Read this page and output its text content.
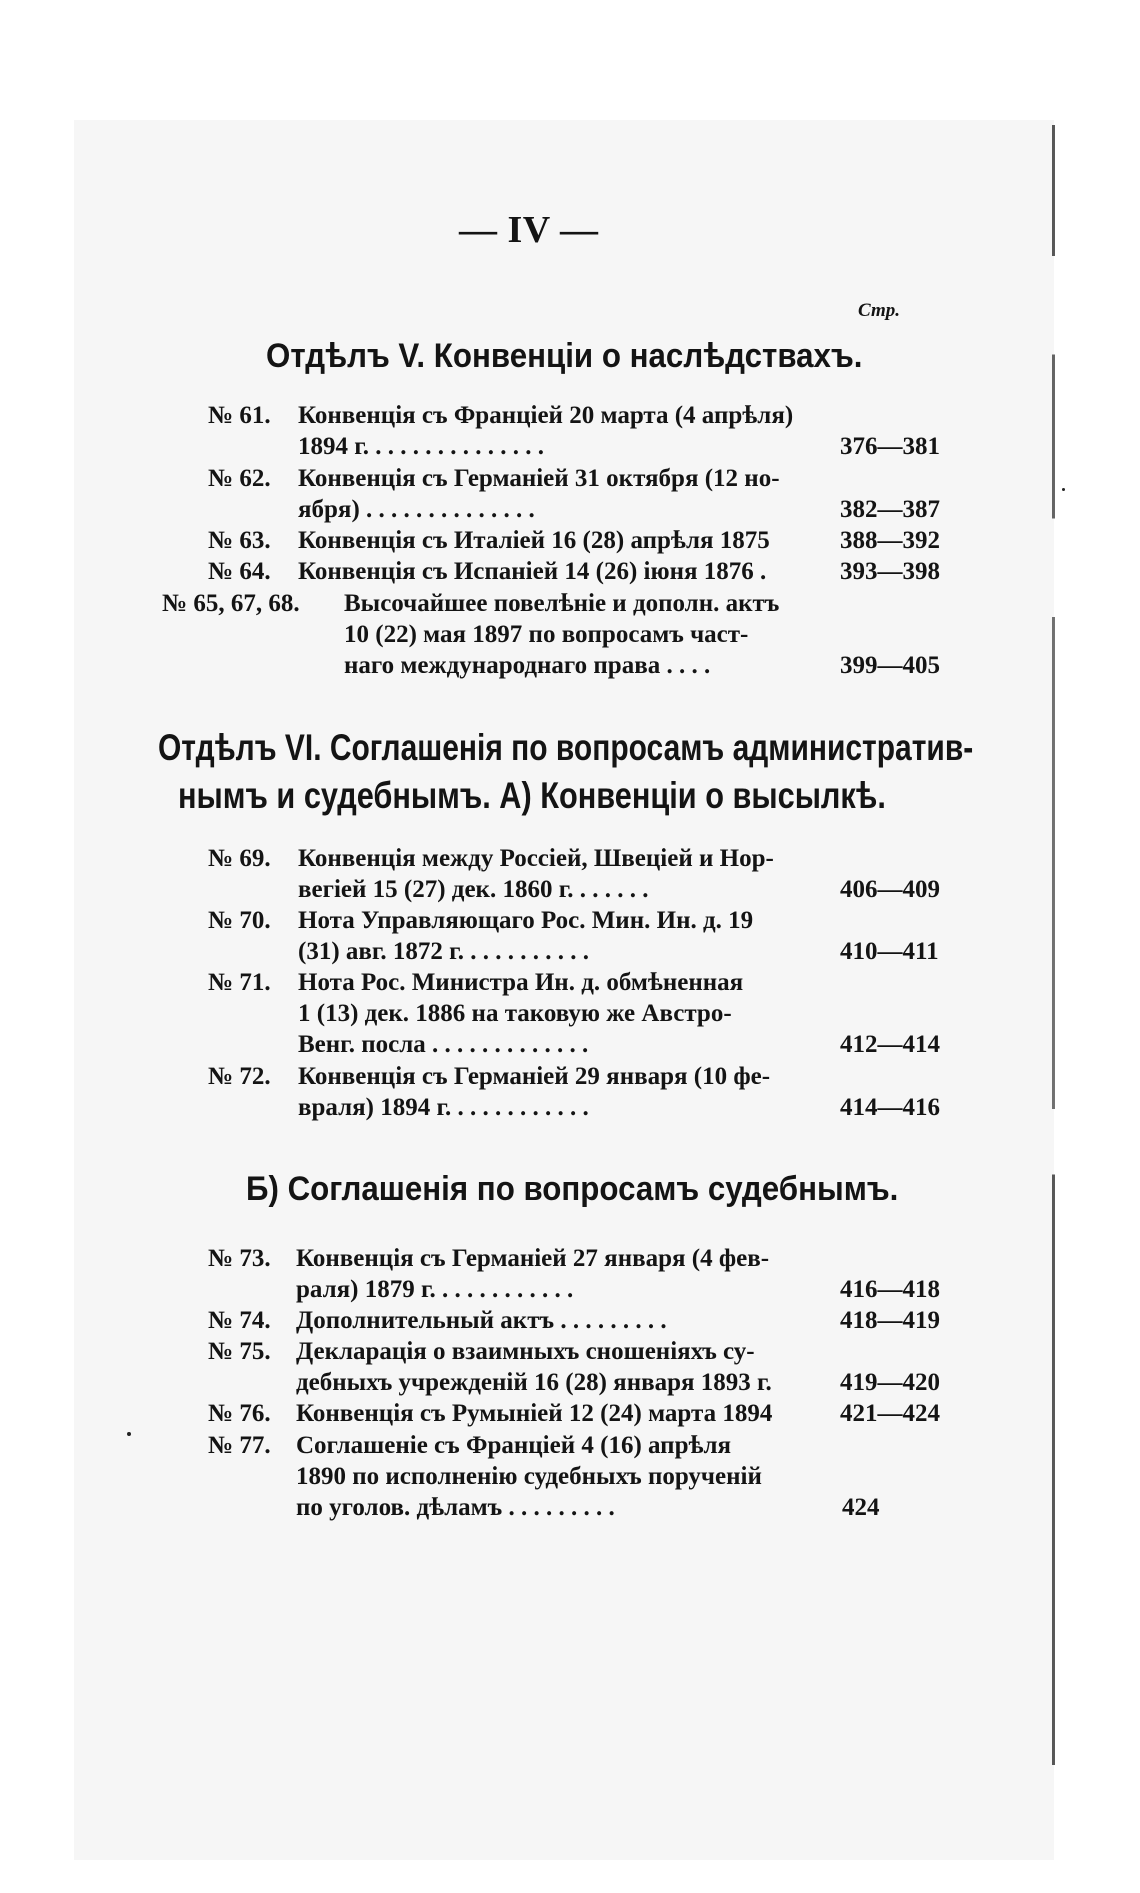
— IV —
Стр.
Отдѣлъ V. Конвенціи о наслѣдствахъ.
№ 61. Конвенція съ Франціей 20 марта (4 апрѣля)
1894 г. . . . . . . . . . . . . . .	376—381
№ 62. Конвенція съ Германіей 31 октября (12 но-
ября) . . . . . . . . . . . . . .	382—387
№ 63. Конвенція съ Италіей 16 (28) апрѣля 1875	388—392
№ 64. Конвенція съ Испаніей 14 (26) іюня 1876 .	393—398
№ 65, 67, 68. Высочайшее повелѣніе и дополн. актъ
10 (22) мая 1897 по вопросамъ част-
наго международнаго права . . . .	399—405
Отдѣлъ VI. Соглашенія по вопросамъ административ-
нымъ и судебнымъ. А) Конвенціи о высылкѣ.
№ 69. Конвенція между Россіей, Швеціей и Нор-
вегіей 15 (27) дек. 1860 г. . . . . . .	406—409
№ 70. Нота Управляющаго Рос. Мин. Ин. д. 19
(31) авг. 1872 г. . . . . . . . . . .	410—411
№ 71. Нота Рос. Министра Ин. д. обмѣненная
1 (13) дек. 1886 на таковую же Австро-
Венг. посла . . . . . . . . . . . . .	412—414
№ 72. Конвенція съ Германіей 29 января (10 фе-
враля) 1894 г. . . . . . . . . . . .	414—416
Б) Соглашенія по вопросамъ судебнымъ.
№ 73. Конвенція съ Германіей 27 января (4 фев-
раля) 1879 г. . . . . . . . . . . .	416—418
№ 74. Дополнительный актъ . . . . . . . . .	418—419
№ 75. Декларація о взаимныхъ сношеніяхъ су-
дебныхъ учрежденій 16 (28) января 1893 г.	419—420
№ 76. Конвенція съ Румыніей 12 (24) марта 1894	421—424
№ 77. Соглашеніе съ Франціей 4 (16) апрѣля
1890 по исполненію судебныхъ порученій
по уголов. дѣламъ . . . . . . . . .	424
